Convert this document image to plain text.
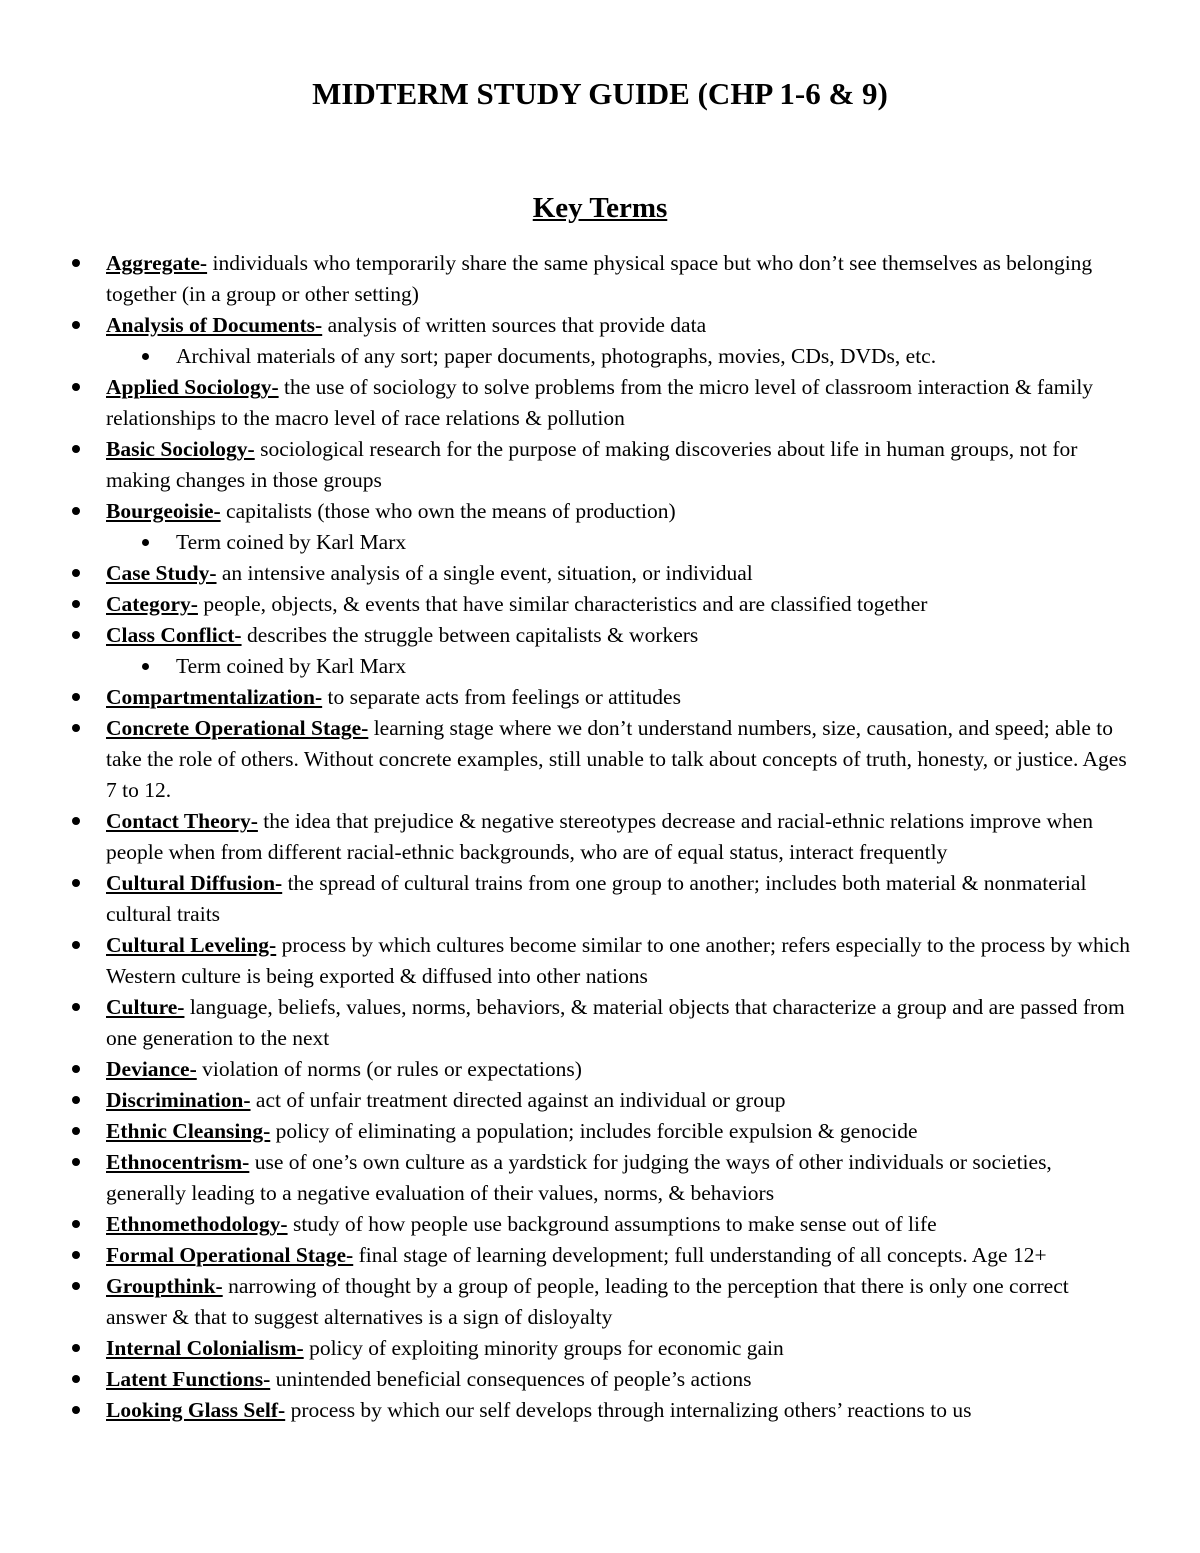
MIDTERM STUDY GUIDE (CHP 1-6 & 9)
Key Terms
Aggregate- individuals who temporarily share the same physical space but who don’t see themselves as belonging together (in a group or other setting)
Analysis of Documents- analysis of written sources that provide data
Archival materials of any sort; paper documents, photographs, movies, CDs, DVDs, etc.
Applied Sociology- the use of sociology to solve problems from the micro level of classroom interaction & family relationships to the macro level of race relations & pollution
Basic Sociology- sociological research for the purpose of making discoveries about life in human groups, not for making changes in those groups
Bourgeoisie- capitalists (those who own the means of production)
Term coined by Karl Marx
Case Study- an intensive analysis of a single event, situation, or individual
Category- people, objects, & events that have similar characteristics and are classified together
Class Conflict- describes the struggle between capitalists & workers
Term coined by Karl Marx
Compartmentalization- to separate acts from feelings or attitudes
Concrete Operational Stage- learning stage where we don’t understand numbers, size, causation, and speed; able to take the role of others. Without concrete examples, still unable to talk about concepts of truth, honesty, or justice. Ages 7 to 12.
Contact Theory- the idea that prejudice & negative stereotypes decrease and racial-ethnic relations improve when people when from different racial-ethnic backgrounds, who are of equal status, interact frequently
Cultural Diffusion- the spread of cultural trains from one group to another; includes both material & nonmaterial cultural traits
Cultural Leveling- process by which cultures become similar to one another; refers especially to the process by which Western culture is being exported & diffused into other nations
Culture- language, beliefs, values, norms, behaviors, & material objects that characterize a group and are passed from one generation to the next
Deviance- violation of norms (or rules or expectations)
Discrimination- act of unfair treatment directed against an individual or group
Ethnic Cleansing- policy of eliminating a population; includes forcible expulsion & genocide
Ethnocentrism- use of one’s own culture as a yardstick for judging the ways of other individuals or societies, generally leading to a negative evaluation of their values, norms, & behaviors
Ethnomethodology- study of how people use background assumptions to make sense out of life
Formal Operational Stage- final stage of learning development; full understanding of all concepts. Age 12+
Groupthink- narrowing of thought by a group of people, leading to the perception that there is only one correct answer & that to suggest alternatives is a sign of disloyalty
Internal Colonialism- policy of exploiting minority groups for economic gain
Latent Functions- unintended beneficial consequences of people’s actions
Looking Glass Self- process by which our self develops through internalizing others’ reactions to us
